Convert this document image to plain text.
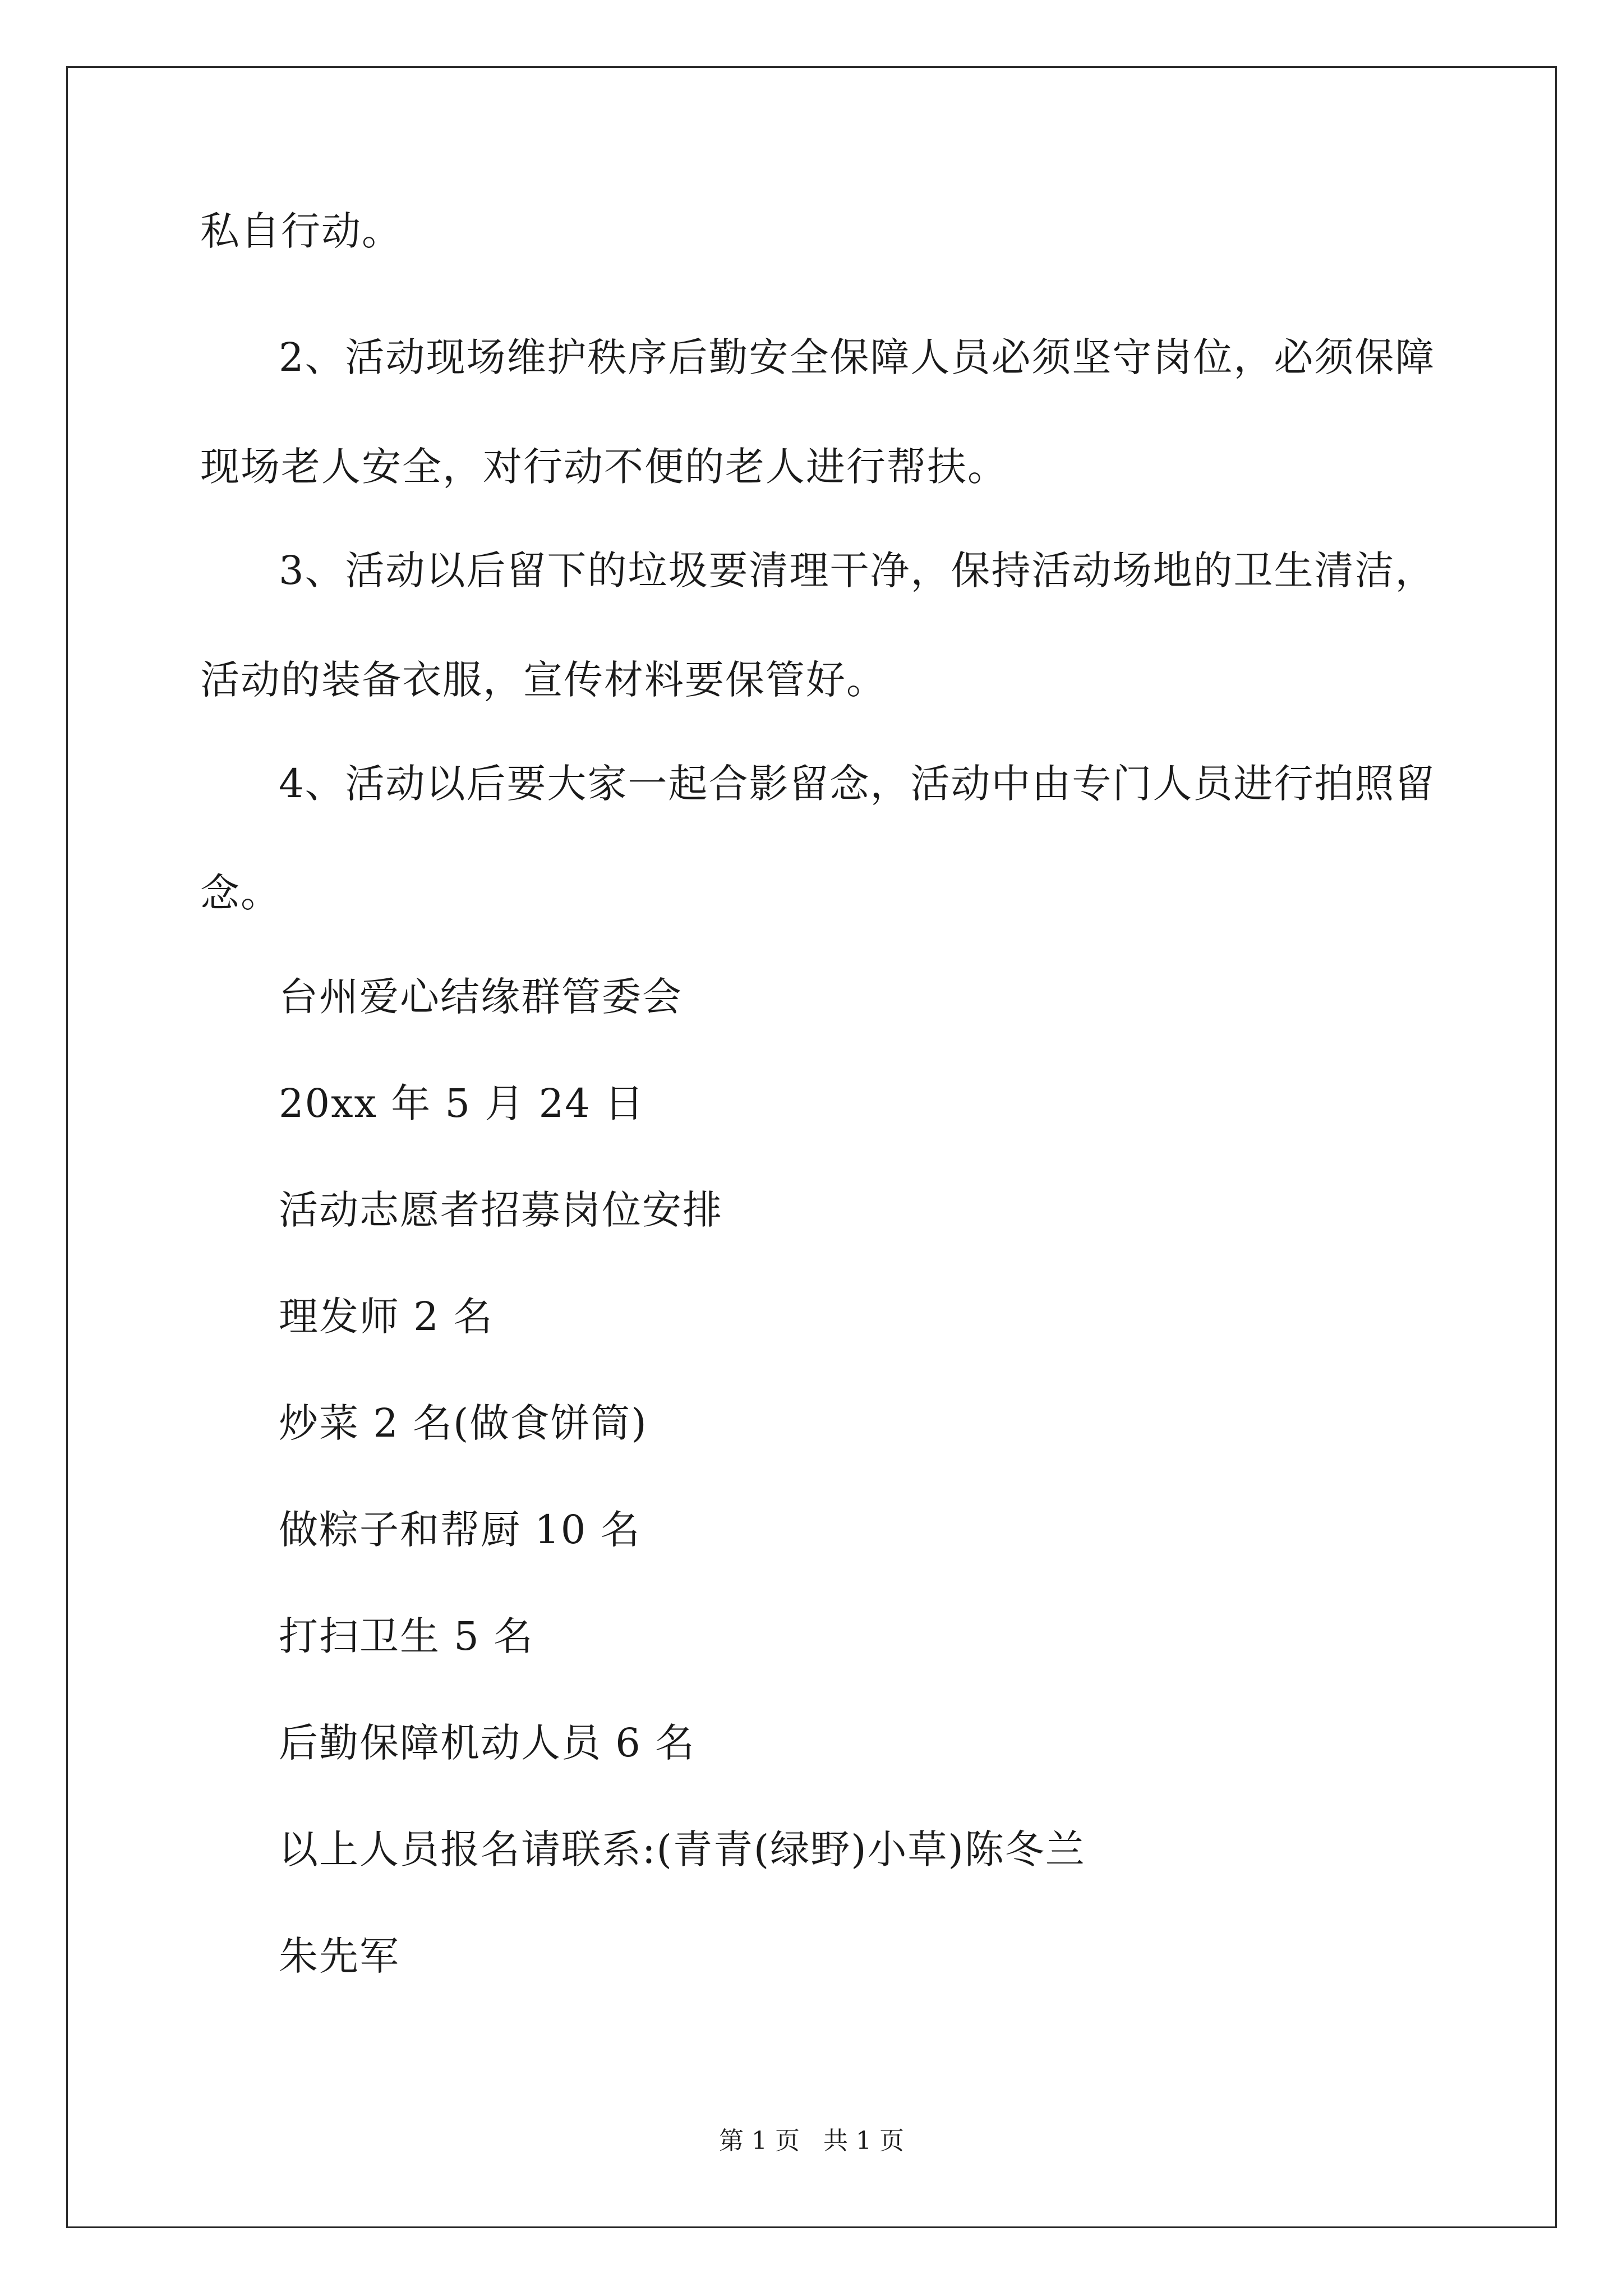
私自行动。
2、活动现场维护秩序后勤安全保障人员必须坚守岗位，必须保障
现场老人安全，对行动不便的老人进行帮扶。
3、活动以后留下的垃圾要清理干净，保持活动场地的卫生清洁，
活动的装备衣服，宣传材料要保管好。
4、活动以后要大家一起合影留念，活动中由专门人员进行拍照留
念。
台州爱心结缘群管委会
20xx 年 5 月 24 日
活动志愿者招募岗位安排
理发师 2 名
炒菜 2 名(做食饼筒)
做粽子和帮厨 10 名
打扫卫生 5 名
后勤保障机动人员 6 名
以上人员报名请联系:(青青(绿野)小草)陈冬兰
朱先军
第 1 页   共 1 页
